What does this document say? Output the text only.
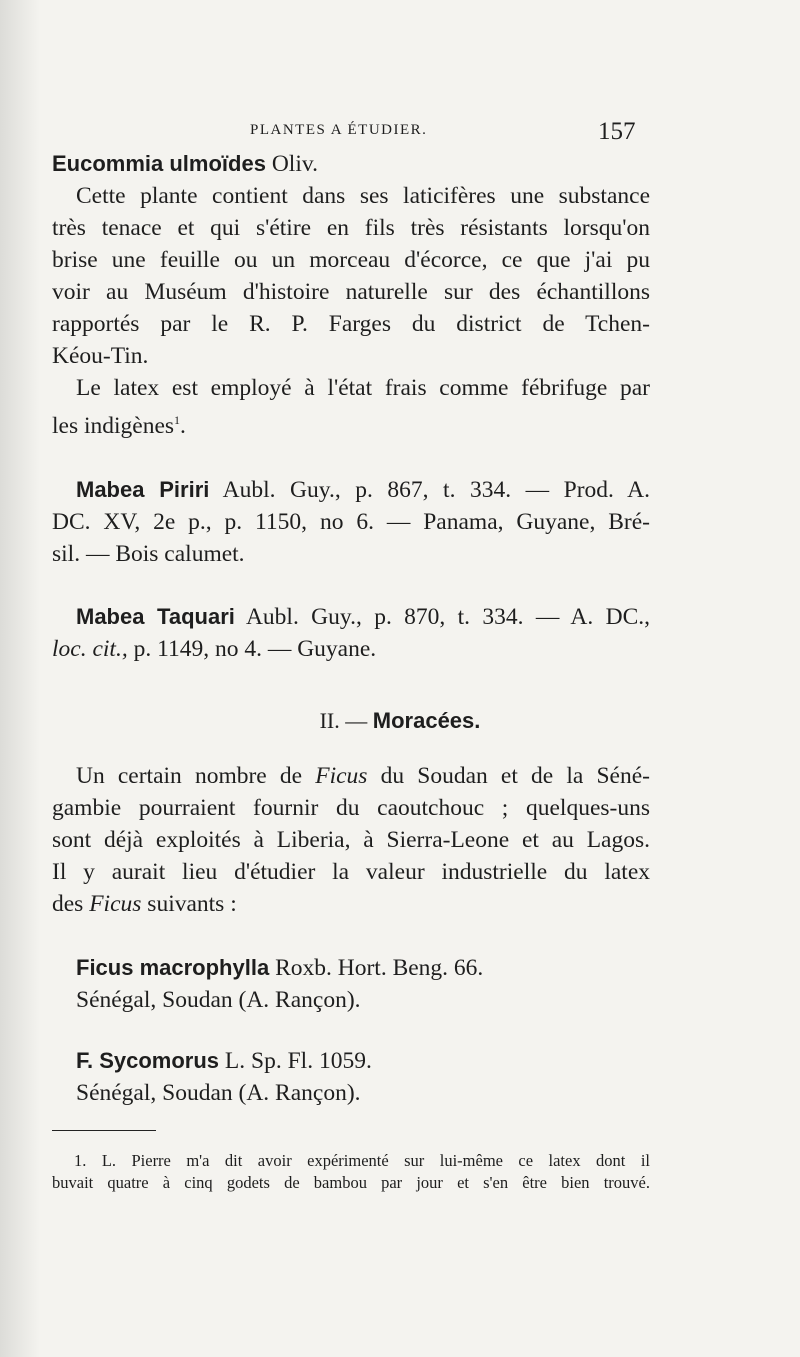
PLANTES A ÉTUDIER.	157
Eucommia ulmoïdes Oliv.
Cette plante contient dans ses laticifères une substance
très tenace et qui s'étire en fils très résistants lorsqu'on
brise une feuille ou un morceau d'écorce, ce que j'ai pu
voir au Muséum d'histoire naturelle sur des échantillons
rapportés par le R. P. Farges du district de Tchen-
Kéou-Tin.
Le latex est employé à l'état frais comme fébrifuge par
les indigènes$^1$.
Mabea Piriri Aubl. Guy., p. 867, t. 334. — Prod. A.
DC. XV, 2e p., p. 1150, no 6. — Panama, Guyane, Bré-
sil. — Bois calumet.
Mabea Taquari Aubl. Guy., p. 870, t. 334. — A. DC.,
loc. cit., p. 1149, no 4. — Guyane.
II. — Moracées.
Un certain nombre de Ficus du Soudan et de la Séné-
gambie pourraient fournir du caoutchouc ; quelques-uns
sont déjà exploités à Liberia, à Sierra-Leone et au Lagos.
Il y aurait lieu d'étudier la valeur industrielle du latex
des Ficus suivants :
Ficus macrophylla Roxb. Hort. Beng. 66.
Sénégal, Soudan (A. Rançon).
F. Sycomorus L. Sp. Fl. 1059.
Sénégal, Soudan (A. Rançon).
1. L. Pierre m'a dit avoir expérimenté sur lui-même ce latex dont il
buvait quatre à cinq godets de bambou par jour et s'en être bien trouvé.
